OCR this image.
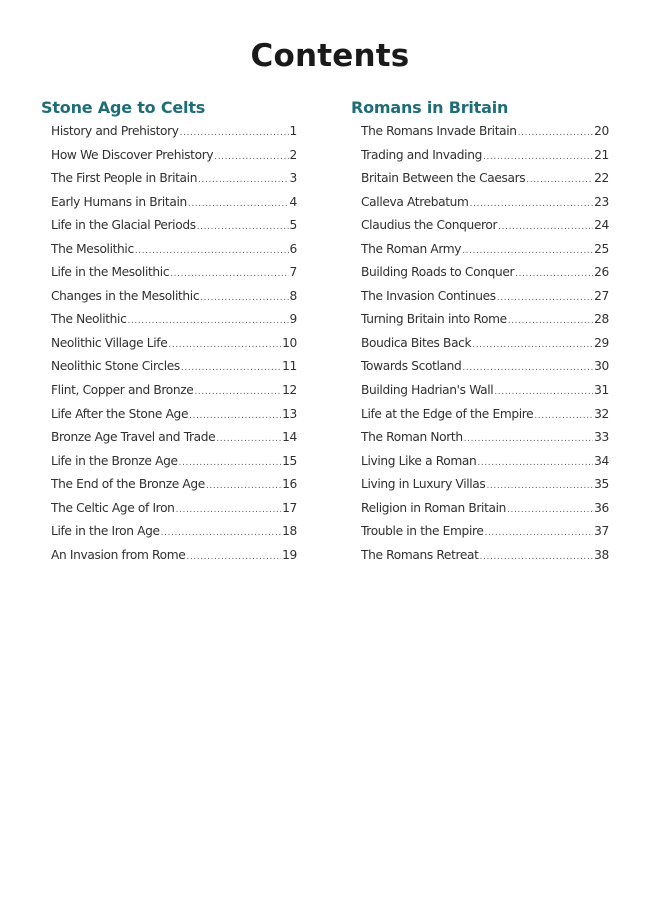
Contents
Stone Age to Celts
History and Prehistory .....	1
How We Discover Prehistory .....	2
The First People in Britain .....	3
Early Humans in Britain .....	4
Life in the Glacial Periods .....	5
The Mesolithic .....	6
Life in the Mesolithic .....	7
Changes in the Mesolithic .....	8
The Neolithic .....	9
Neolithic Village Life .....	10
Neolithic Stone Circles .....	11
Flint, Copper and Bronze .....	12
Life After the Stone Age .....	13
Bronze Age Travel and Trade .....	14
Life in the Bronze Age .....	15
The End of the Bronze Age .....	16
The Celtic Age of Iron .....	17
Life in the Iron Age .....	18
An Invasion from Rome .....	19
Romans in Britain
The Romans Invade Britain .....	20
Trading and Invading .....	21
Britain Between the Caesars .....	22
Calleva Atrebatum .....	23
Claudius the Conqueror .....	24
The Roman Army .....	25
Building Roads to Conquer .....	26
The Invasion Continues .....	27
Turning Britain into Rome .....	28
Boudica Bites Back .....	29
Towards Scotland .....	30
Building Hadrian's Wall .....	31
Life at the Edge of the Empire .....	32
The Roman North .....	33
Living Like a Roman .....	34
Living in Luxury Villas .....	35
Religion in Roman Britain .....	36
Trouble in the Empire .....	37
The Romans Retreat .....	38
